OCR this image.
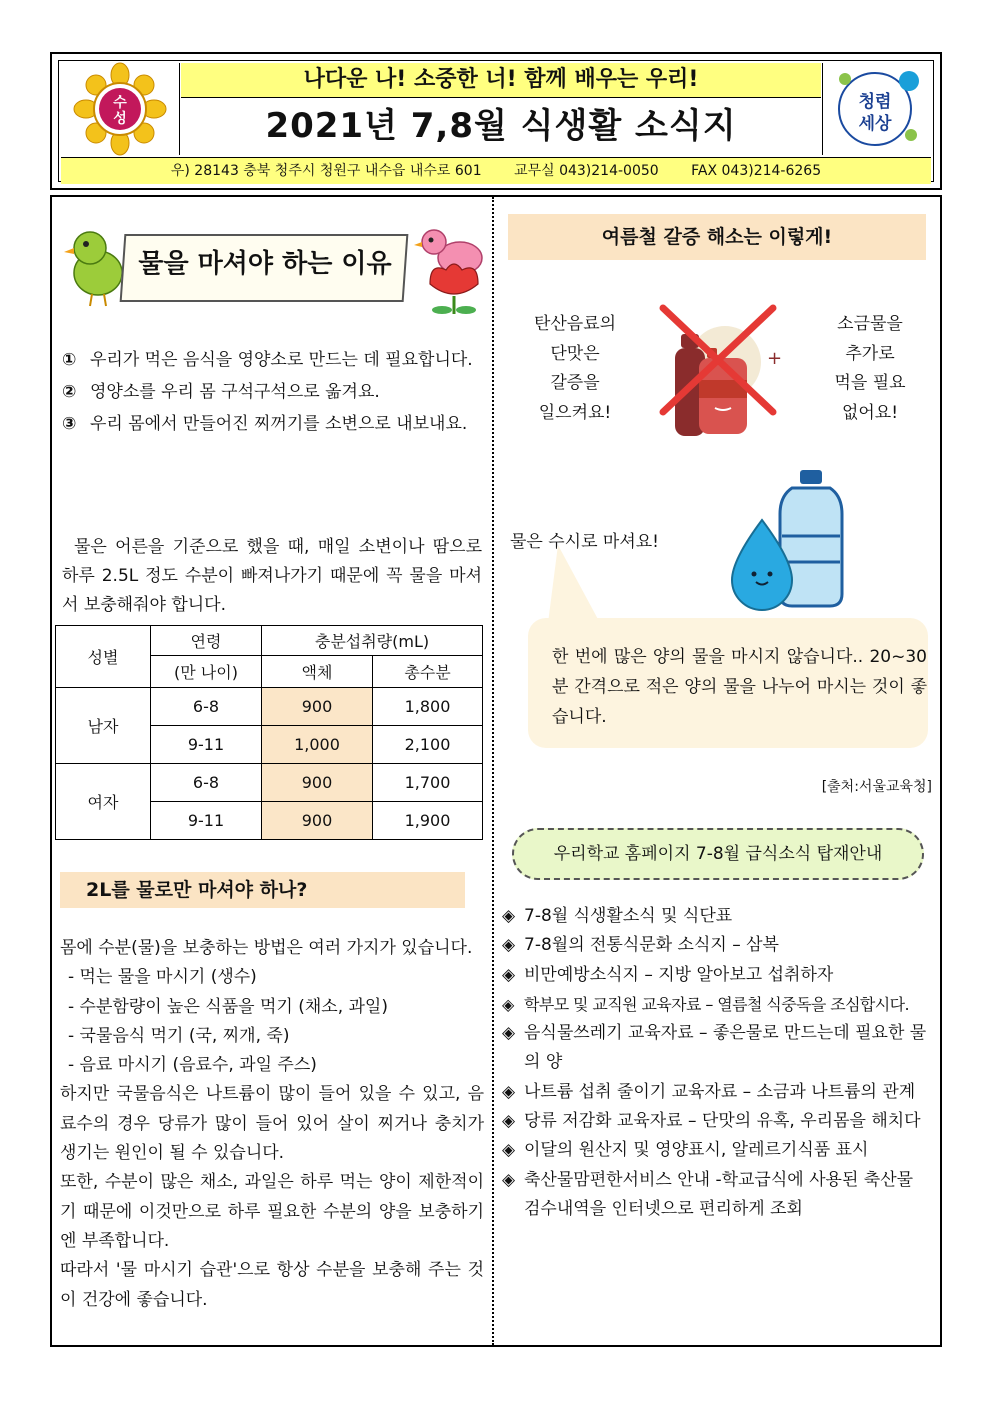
수
성
나다운 나! 소중한 너! 함께 배우는 우리!
2021년 7,8월 식생활 소식지
청렴
세상
우) 28143 충북 청주시 청원구 내수읍 내수로 601 교무실 043)214-0050 FAX 043)214-6265
물을 마셔야 하는 이유
① 우리가 먹은 음식을 영양소로 만드는 데 필요합니다.
② 영양소를 우리 몸 구석구석으로 옮겨요.
③ 우리 몸에서 만들어진 찌꺼기를 소변으로 내보내요.
물은 어른을 기준으로 했을 때, 매일 소변이나 땀으로 하루 2.5L 정도 수분이 빠져나가기 때문에 꼭 물을 마셔서 보충해줘야 합니다.
성별	연령	충분섭취량(mL)	
	(만 나이)	액체	총수분
남자	6-8	900	1,800
	9-11	1,000	2,100
여자	6-8	900	1,700
	9-11	900	1,900
2L를 물로만 마셔야 하나?
몸에 수분(물)을 보충하는 방법은 여러 가지가 있습니다.
- 먹는 물을 마시기 (생수)
- 수분함량이 높은 식품을 먹기 (채소, 과일)
- 국물음식 먹기 (국, 찌개, 죽)
- 음료 마시기 (음료수, 과일 주스)
하지만 국물음식은 나트륨이 많이 들어 있을 수 있고, 음료수의 경우 당류가 많이 들어 있어 살이 찌거나 충치가 생기는 원인이 될 수 있습니다.
또한, 수분이 많은 채소, 과일은 하루 먹는 양이 제한적이기 때문에 이것만으로 하루 필요한 수분의 양을 보충하기엔 부족합니다.
따라서 '물 마시기 습관'으로 항상 수분을 보충해 주는 것이 건강에 좋습니다.
여름철 갈증 해소는 이렇게!
탄산음료의
단맛은
갈증을
일으켜요!
+
소금물을
추가로
먹을 필요
없어요!
물은 수시로 마셔요!
한 번에 많은 양의 물을 마시지 않습니다.. 20~30분 간격으로 적은 양의 물을 나누어 마시는 것이 좋습니다.
[출처:서울교육청]
우리학교 홈페이지 7-8월 급식소식 탑재안내
◈ 7-8월 식생활소식 및 식단표
◈ 7-8월의 전통식문화 소식지 – 삼복
◈ 비만예방소식지 – 지방 알아보고 섭취하자
◈ 학부모 및 교직원 교육자료 – 열름철 식중독을 조심합시다.
◈ 음식물쓰레기 교육자료 – 좋은물로 만드는데 필요한 물의 양
◈ 나트륨 섭취 줄이기 교육자료 – 소금과 나트륨의 관계
◈ 당류 저감화 교육자료 – 단맛의 유혹, 우리몸을 해치다
◈ 이달의 원산지 및 영양표시, 알레르기식품 표시
◈ 축산물맘편한서비스 안내 -학교급식에 사용된 축산물 검수내역을 인터넷으로 편리하게 조회
